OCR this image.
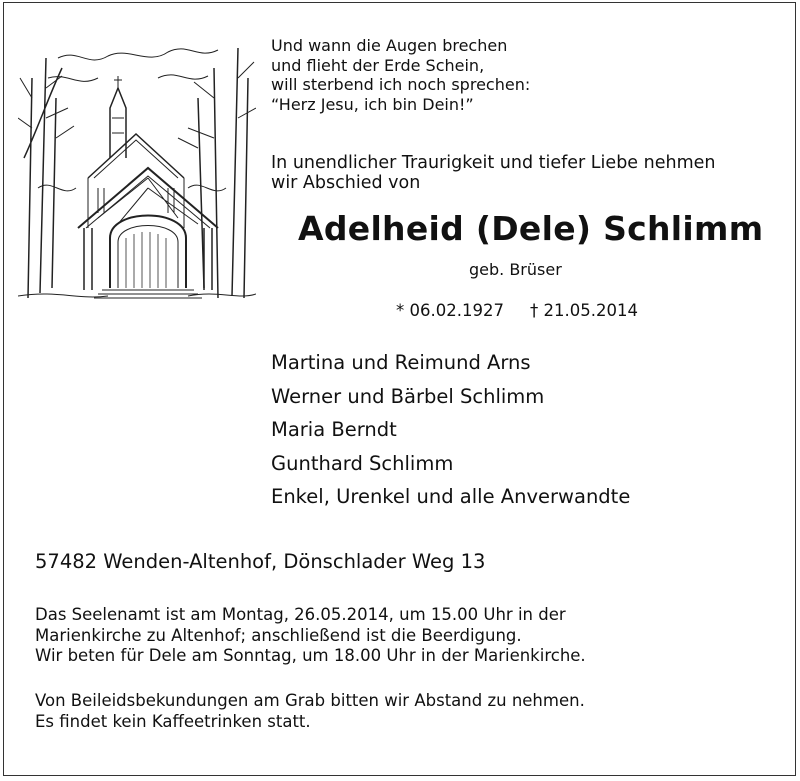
Und wann die Augen brechen
und flieht der Erde Schein,
will sterbend ich noch sprechen:
“Herz Jesu, ich bin Dein!”
In unendlicher Traurigkeit und tiefer Liebe nehmen
wir Abschied von
Adelheid (Dele) Schlimm
geb. Brüser
* 06.02.1927 † 21.05.2014
Martina und Reimund Arns
Werner und Bärbel Schlimm
Maria Berndt
Gunthard Schlimm
Enkel, Urenkel und alle Anverwandte
57482 Wenden-Altenhof, Dönschlader Weg 13
Das Seelenamt ist am Montag, 26.05.2014, um 15.00 Uhr in der
Marienkirche zu Altenhof; anschließend ist die Beerdigung.
Wir beten für Dele am Sonntag, um 18.00 Uhr in der Marienkirche.
Von Beileidsbekundungen am Grab bitten wir Abstand zu nehmen.
Es findet kein Kaffeetrinken statt.
